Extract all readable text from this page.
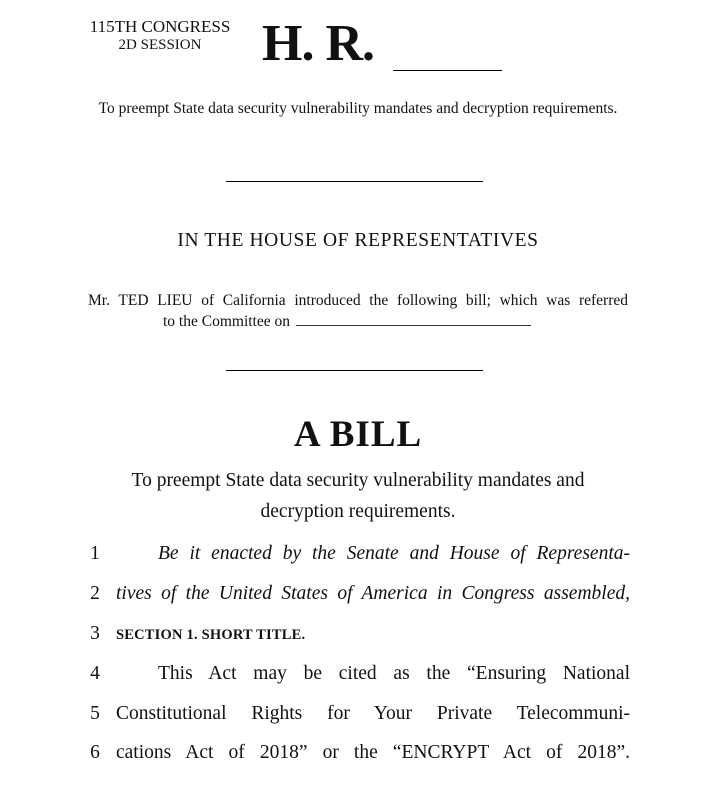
115TH CONGRESS
2D SESSION	H. R.
To preempt State data security vulnerability mandates and decryption requirements.
IN THE HOUSE OF REPRESENTATIVES
Mr. TED LIEU of California introduced the following bill; which was referred
to the Committee on
A BILL
To preempt State data security vulnerability mandates and
decryption requirements.
1	Be it enacted by the Senate and House of Representa-
2 tives of the United States of America in Congress assembled,
3	SECTION 1. SHORT TITLE.
4	This Act may be cited as the “Ensuring National
5 Constitutional Rights for Your Private Telecommuni-
6 cations Act of 2018” or the “ENCRYPT Act of 2018”.
